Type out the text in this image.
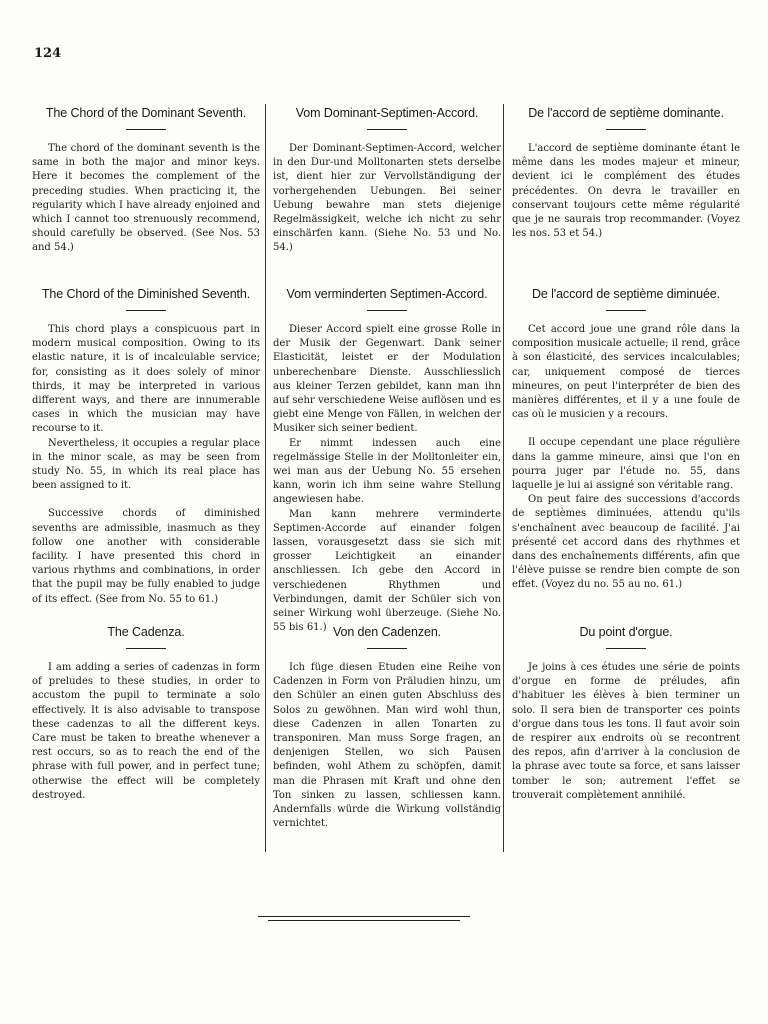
124
The Chord of the Dominant Seventh.

The chord of the dominant seventh is the same in both the major and minor keys. Here it becomes the complement of the preceding studies. When practicing it, the regularity which I have already enjoined and which I cannot too strenuously recommend, should carefully be observed. (See Nos. 53 and 54.)

The Chord of the Diminished Seventh.

This chord plays a conspicuous part in modern musical composition. Owing to its elastic nature, it is of incalculable service; for, consisting as it does solely of minor thirds, it may be interpreted in various different ways, and there are innumerable cases in which the musician may have recourse to it.

Nevertheless, it occupies a regular place in the minor scale, as may be seen from study No. 55, in which its real place has been assigned to it.

Successive chords of diminished sevenths are admissible, inasmuch as they follow one another with considerable facility. I have presented this chord in various rhythms and combinations, in order that the pupil may be fully enabled to judge of its effect. (See from No. 55 to 61.)

The Cadenza.

I am adding a series of cadenzas in form of preludes to these studies, in order to accustom the pupil to terminate a solo effectively. It is also advisable to transpose these cadenzas to all the different keys. Care must be taken to breathe whenever a rest occurs, so as to reach the end of the phrase with full power, and in perfect tune; otherwise the effect will be completely destroyed.

Vom Dominant-Septimen-Accord.

Der Dominant-Septimen-Accord, welcher in den Dur-und Molltonarten stets derselbe ist, dient hier zur Vervollständigung der vorhergehenden Uebungen. Bei seiner Uebung bewahre man stets diejenige Regelmässigkeit, welche ich nicht zu sehr einschärfen kann. (Siehe No. 53 und No. 54.)

Vom verminderten Septimen-Accord.

Dieser Accord spielt eine grosse Rolle in der Musik der Gegenwart. Dank seiner Elasticität, leistet er der Modulation unberechenbare Dienste. Ausschliesslich aus kleiner Terzen gebildet, kann man ihn auf sehr verschiedene Weise auflösen und es giebt eine Menge von Fällen, in welchen der Musiker sich seiner bedient.

Er nimmt indessen auch eine regelmässige Stelle in der Molltonleiter ein, wei man aus der Uebung No. 55 ersehen kann, worin ich ihm seine wahre Stellung angewiesen habe.

Man kann mehrere verminderte Septimen-Accorde auf einander folgen lassen, vorausgesetzt dass sie sich mit grosser Leichtigkeit an einander anschliessen. Ich gebe den Accord in verschiedenen Rhythmen und Verbindungen, damit der Schüler sich von seiner Wirkung wohl überzeuge. (Siehe No. 55 bis 61.) Von den Cadenzen.

Ich füge diesen Etuden eine Reihe von Cadenzen in Form von Präludien hinzu, um den Schüler an einen guten Abschluss des Solos zu gewöhnen. Man wird wohl thun, diese Cadenzen in allen Tonarten zu transponiren. Man muss Sorge fragen, an denjenigen Stellen, wo sich Pausen befinden, wohl Athem zu schöpfen, damit man die Phrasen mit Kraft und ohne den Ton sinken zu lassen, schliessen kann. Andernfalls würde die Wirkung vollständig vernichtet.

De l'accord de septième dominante.

L'accord de septième dominante étant le même dans les modes majeur et mineur, devient ici le complément des études précédentes. On devra le travailler en conservant toujours cette même régularité que je ne saurais trop recommander. (Voyez les nos. 53 et 54.)

De l'accord de septième diminuée.

Cet accord joue une grand rôle dans la composition musicale actuelle; il rend, grâce à son élasticité, des services incalculables; car, uniquement composé de tierces mineures, on peut l'interpréter de bien des manières différentes, et il y a une foule de cas où le musicien y a recours.

Il occupe cependant une place régulière dans la gamme mineure, ainsi que l'on en pourra juger par l'étude no. 55, dans laquelle je lui ai assigné son véritable rang.

On peut faire des successions d'accords de septièmes diminuées, attendu qu'ils s'enchaînent avec beaucoup de facilité. J'ai présenté cet accord dans des rhythmes et dans des enchaînements différents, afin que l'élève puisse se rendre bien compte de son effet. (Voyez du no. 55 au no. 61.)

Du point d'orgue.

Je joins à ces études une série de points d'orgue en forme de préludes, afin d'habituer les élèves à bien terminer un solo. Il sera bien de transporter ces points d'orgue dans tous les tons. Il faut avoir soin de respirer aux endroits où se recontrent des repos, afin d'arriver à la conclusion de la phrase avec toute sa force, et sans laisser tomber le son; autrement l'effet se trouverait complètement annihilé.
